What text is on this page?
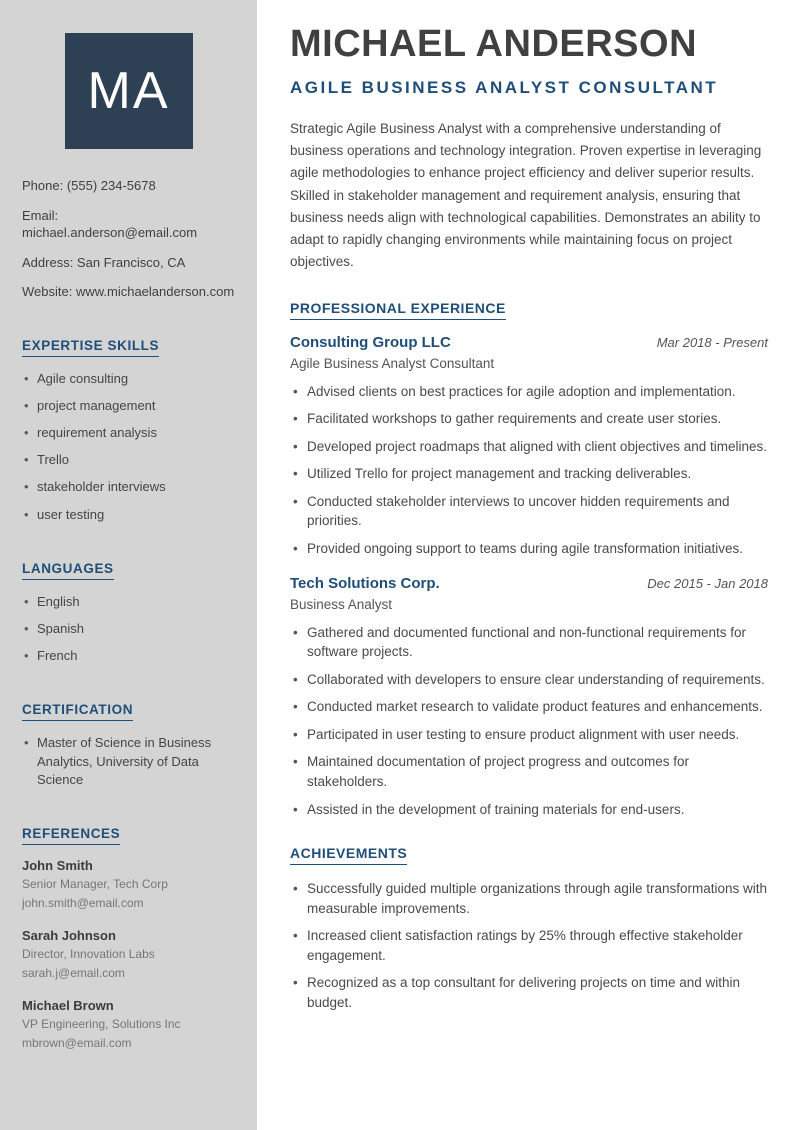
MA
Phone: (555) 234-5678
Email: michael.anderson@email.com
Address: San Francisco, CA
Website: www.michaelanderson.com
EXPERTISE SKILLS
• Agile consulting
• project management
• requirement analysis
• Trello
• stakeholder interviews
• user testing
LANGUAGES
• English
• Spanish
• French
CERTIFICATION
• Master of Science in Business Analytics, University of Data Science
REFERENCES
John Smith
Senior Manager, Tech Corp
john.smith@email.com
Sarah Johnson
Director, Innovation Labs
sarah.j@email.com
Michael Brown
VP Engineering, Solutions Inc
mbrown@email.com
MICHAEL ANDERSON
AGILE BUSINESS ANALYST CONSULTANT

Strategic Agile Business Analyst with a comprehensive understanding of business operations and technology integration. Proven expertise in leveraging agile methodologies to enhance project efficiency and deliver superior results. Skilled in stakeholder management and requirement analysis, ensuring that business needs align with technological capabilities. Demonstrates an ability to adapt to rapidly changing environments while maintaining focus on project objectives.

PROFESSIONAL EXPERIENCE
Consulting Group LLC	Mar 2018 - Present
Agile Business Analyst Consultant
• Advised clients on best practices for agile adoption and implementation.
• Facilitated workshops to gather requirements and create user stories.
• Developed project roadmaps that aligned with client objectives and timelines.
• Utilized Trello for project management and tracking deliverables.
• Conducted stakeholder interviews to uncover hidden requirements and priorities.
• Provided ongoing support to teams during agile transformation initiatives.
Tech Solutions Corp.	Dec 2015 - Jan 2018
Business Analyst
• Gathered and documented functional and non-functional requirements for software projects.
• Collaborated with developers to ensure clear understanding of requirements.
• Conducted market research to validate product features and enhancements.
• Participated in user testing to ensure product alignment with user needs.
• Maintained documentation of project progress and outcomes for stakeholders.
• Assisted in the development of training materials for end-users.
ACHIEVEMENTS
• Successfully guided multiple organizations through agile transformations with measurable improvements.
• Increased client satisfaction ratings by 25% through effective stakeholder engagement.
• Recognized as a top consultant for delivering projects on time and within budget.
